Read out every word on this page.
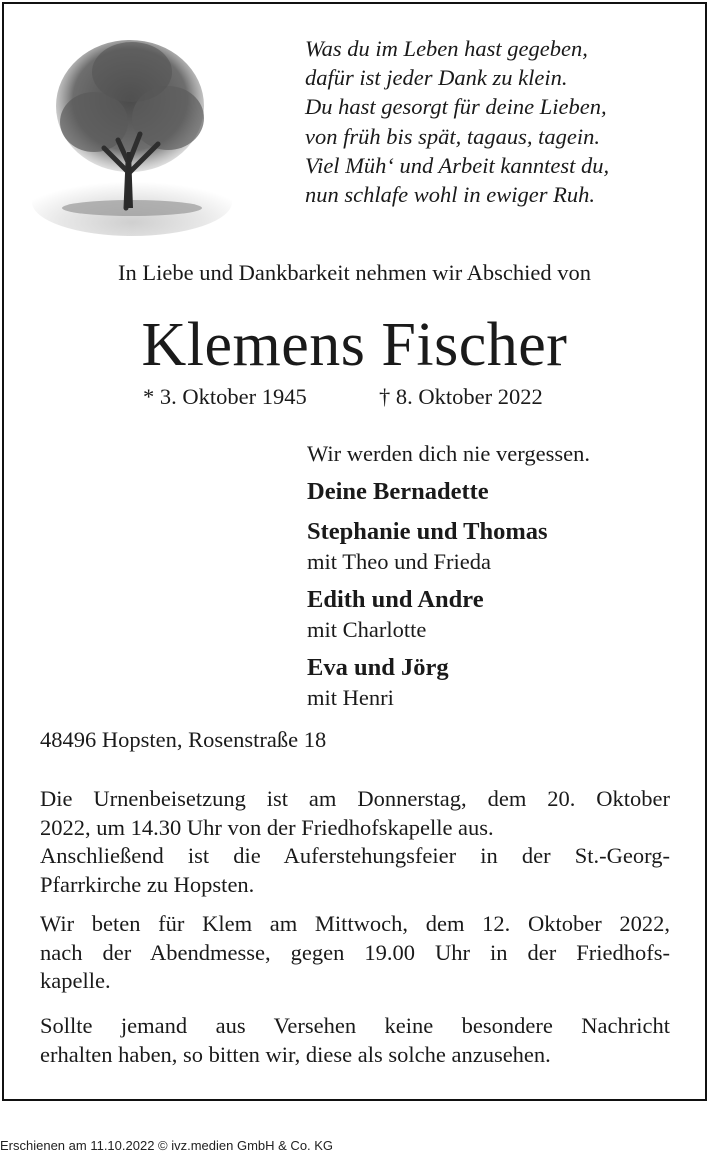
Was du im Leben hast gegeben,
dafür ist jeder Dank zu klein.
Du hast gesorgt für deine Lieben,
von früh bis spät, tagaus, tagein.
Viel Müh‘ und Arbeit kanntest du,
nun schlafe wohl in ewiger Ruh.
In Liebe und Dankbarkeit nehmen wir Abschied von
Klemens Fischer
* 3. Oktober 1945	† 8. Oktober 2022
Wir werden dich nie vergessen.
Deine Bernadette
Stephanie und Thomas
mit Theo und Frieda
Edith und Andre
mit Charlotte
Eva und Jörg
mit Henri
48496 Hopsten, Rosenstraße 18
Die Urnenbeisetzung ist am Donnerstag, dem 20. Oktober
2022, um 14.30 Uhr von der Friedhofskapelle aus.
Anschließend ist die Auferstehungsfeier in der St.-Georg-
Pfarrkirche zu Hopsten.
Wir beten für Klem am Mittwoch, dem 12. Oktober 2022,
nach der Abendmesse, gegen 19.00 Uhr in der Friedhofs-
kapelle.
Sollte jemand aus Versehen keine besondere Nachricht
erhalten haben, so bitten wir, diese als solche anzusehen.
Erschienen am 11.10.2022 © ivz.medien GmbH & Co. KG
